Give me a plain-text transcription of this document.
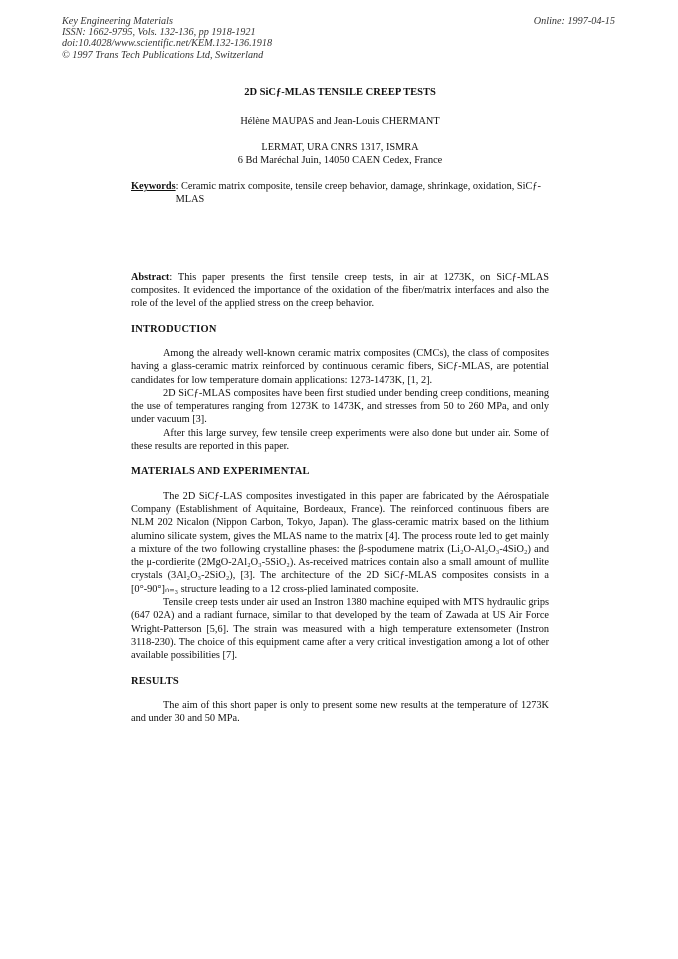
Key Engineering Materials
ISSN: 1662-9795, Vols. 132-136, pp 1918-1921
doi:10.4028/www.scientific.net/KEM.132-136.1918
© 1997 Trans Tech Publications Ltd, Switzerland
Online: 1997-04-15
2D SiCƒ-MLAS TENSILE CREEP TESTS
Hélène MAUPAS and Jean-Louis CHERMANT
LERMAT, URA CNRS 1317, ISMRA
6 Bd Maréchal Juin, 14050 CAEN Cedex, France
Keywords : Ceramic matrix composite, tensile creep behavior, damage, shrinkage, oxidation, SiCƒ-MLAS
Abstract: This paper presents the first tensile creep tests, in air at 1273K, on SiCƒ-MLAS composites. It evidenced the importance of the oxidation of the fiber/matrix interfaces and also the role of the level of the applied stress on the creep behavior.
INTRODUCTION

Among the already well-known ceramic matrix composites (CMCs), the class of composites having a glass-ceramic matrix reinforced by continuous ceramic fibers, SiCƒ-MLAS, are potential candidates for low temperature domain applications: 1273-1473K, [1, 2].

2D SiCƒ-MLAS composites have been first studied under bending creep conditions, meaning the use of temperatures ranging from 1273K to 1473K, and stresses from 50 to 260 MPa, and only under vacuum [3].

After this large survey, few tensile creep experiments were also done but under air. Some of these results are reported in this paper.

MATERIALS AND EXPERIMENTAL

The 2D SiCƒ-LAS composites investigated in this paper are fabricated by the Aérospatiale Company (Establishment of Aquitaine, Bordeaux, France). The reinforced continuous fibers are NLM 202 Nicalon (Nippon Carbon, Tokyo, Japan). The glass-ceramic matrix based on the lithium alumino silicate system, gives the MLAS name to the matrix [4]. The process route led to get mainly a mixture of the two following crystalline phases: the β-spodumene matrix (Li₂O-Al₂O₃-4SiO₂) and the μ-cordierite (2MgO-2Al₂O₃-5SiO₂). As-received matrices contain also a small amount of mullite crystals (3Al₂O₃-2SiO₂), [3]. The architecture of the 2D SiCƒ-MLAS composites consists in a [0°-90°]ₙ₌₃ structure leading to a 12 cross-plied laminated composite.

Tensile creep tests under air used an Instron 1380 machine equiped with MTS hydraulic grips (647 02A) and a radiant furnace, similar to that developed by the team of Zawada at US Air Force Wright-Patterson [5,6]. The strain was measured with a high temperature extensometer (Instron 3118-230). The choice of this equipment came after a very critical investigation among a lot of other available possibilities [7].

RESULTS

The aim of this short paper is only to present some new results at the temperature of 1273K and under 30 and 50 MPa.
